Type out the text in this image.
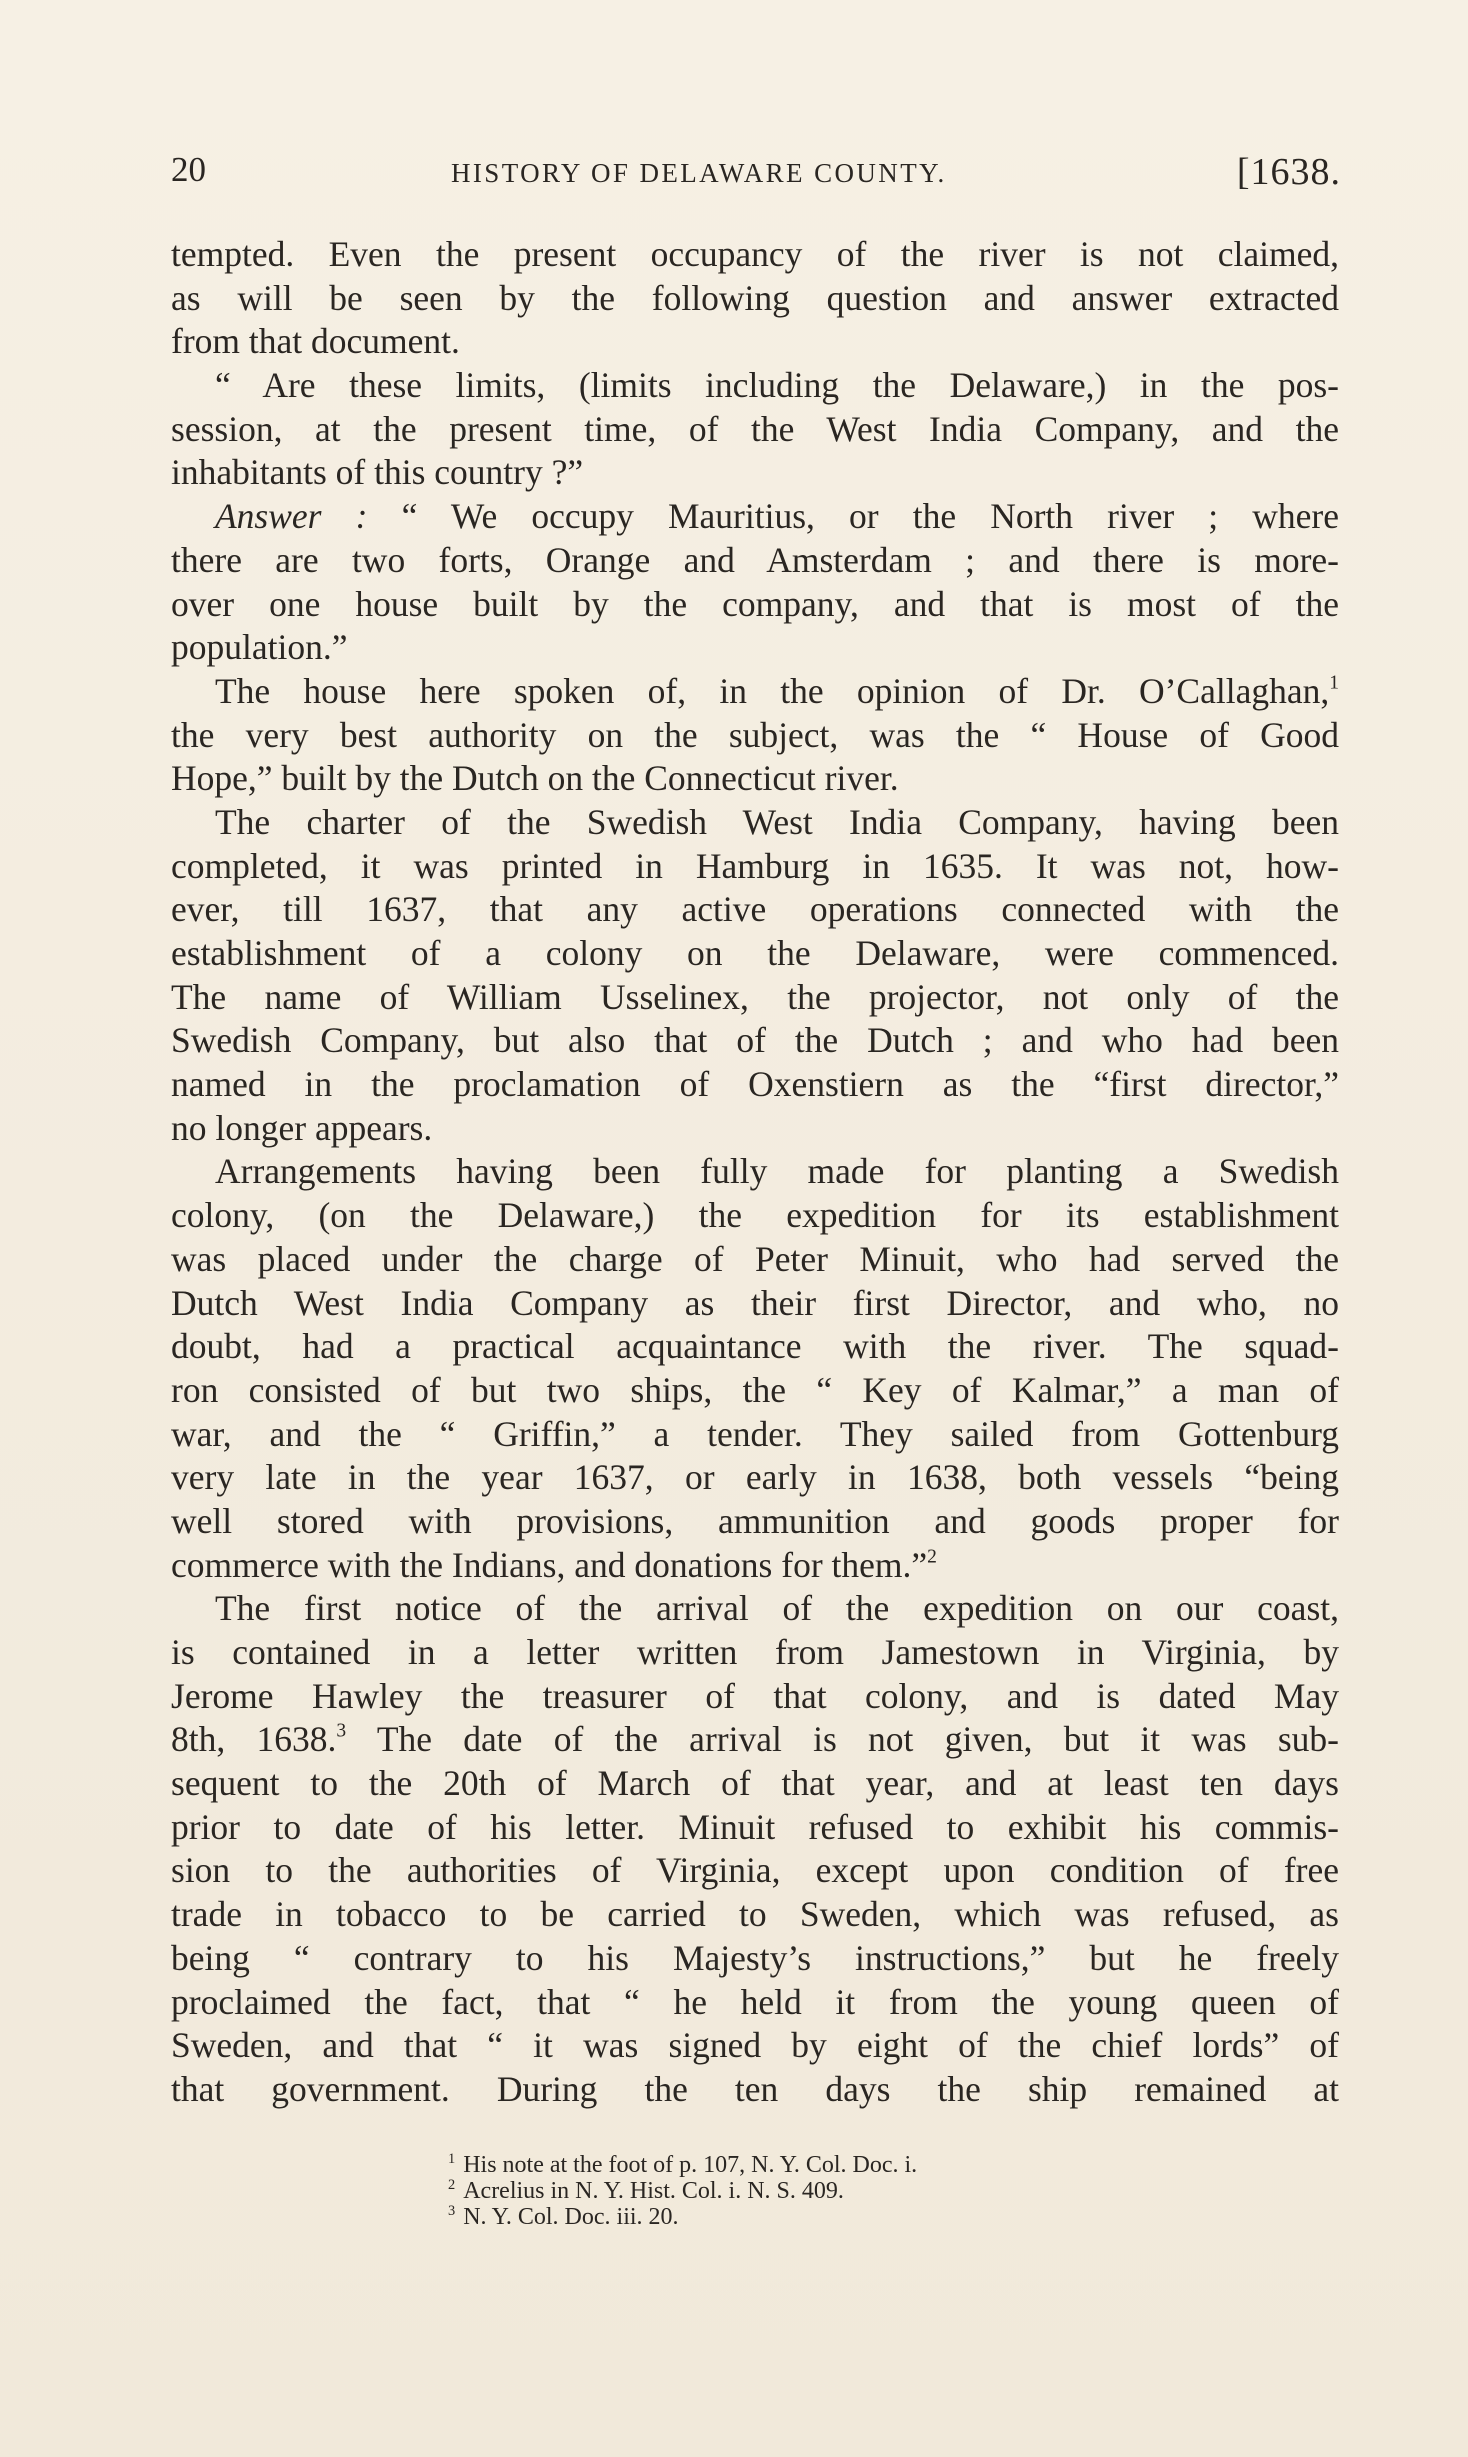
20	HISTORY OF DELAWARE COUNTY.	[1638.
tempted. Even the present occupancy of the river is not claimed,
as will be seen by the following question and answer extracted
from that document.
“ Are these limits, (limits including the Delaware,) in the pos-
session, at the present time, of the West India Company, and the
inhabitants of this country ?”
Answer : “ We occupy Mauritius, or the North river ; where
there are two forts, Orange and Amsterdam ; and there is more-
over one house built by the company, and that is most of the
population.”
The house here spoken of, in the opinion of Dr. O’Callaghan,$^1$
the very best authority on the subject, was the “ House of Good
Hope,” built by the Dutch on the Connecticut river.
The charter of the Swedish West India Company, having been
completed, it was printed in Hamburg in 1635. It was not, how-
ever, till 1637, that any active operations connected with the
establishment of a colony on the Delaware, were commenced.
The name of William Usselinex, the projector, not only of the
Swedish Company, but also that of the Dutch ; and who had been
named in the proclamation of Oxenstiern as the “first director,”
no longer appears.
Arrangements having been fully made for planting a Swedish
colony, (on the Delaware,) the expedition for its establishment
was placed under the charge of Peter Minuit, who had served the
Dutch West India Company as their first Director, and who, no
doubt, had a practical acquaintance with the river. The squad-
ron consisted of but two ships, the “ Key of Kalmar,” a man of
war, and the “ Griffin,” a tender. They sailed from Gottenburg
very late in the year 1637, or early in 1638, both vessels “being
well stored with provisions, ammunition and goods proper for
commerce with the Indians, and donations for them.”$^2$
The first notice of the arrival of the expedition on our coast,
is contained in a letter written from Jamestown in Virginia, by
Jerome Hawley the treasurer of that colony, and is dated May
8th, 1638.$^3$ The date of the arrival is not given, but it was sub-
sequent to the 20th of March of that year, and at least ten days
prior to date of his letter. Minuit refused to exhibit his commis-
sion to the authorities of Virginia, except upon condition of free
trade in tobacco to be carried to Sweden, which was refused, as
being “ contrary to his Majesty’s instructions,” but he freely
proclaimed the fact, that “ he held it from the young queen of
Sweden, and that “ it was signed by eight of the chief lords” of
that government. During the ten days the ship remained at
$^1$ His note at the foot of p. 107, N. Y. Col. Doc. i.
$^2$ Acrelius in N. Y. Hist. Col. i. N. S. 409.
$^3$ N. Y. Col. Doc. iii. 20.
